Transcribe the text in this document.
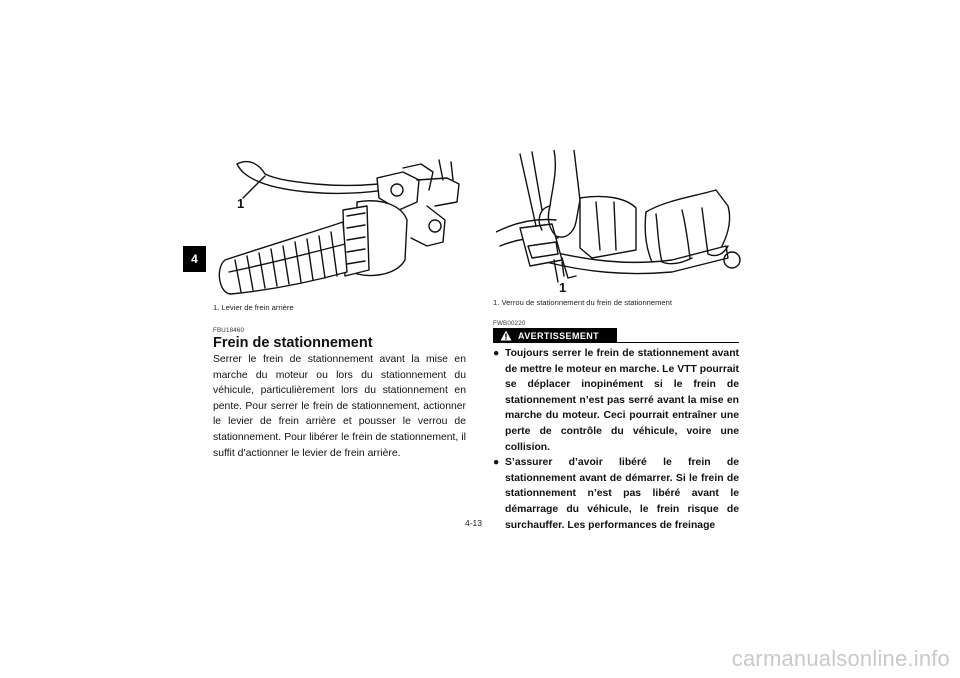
4
1
1. Levier de frein arrière
1
1. Verrou de stationnement du frein de stationnement
FBU18460
Frein de stationnement
Serrer le frein de stationnement avant la mise en marche du moteur ou lors du stationnement du véhicule, particulièrement lors du stationnement en pente. Pour serrer le frein de stationnement, actionner le levier de frein arrière et pousser le verrou de stationnement. Pour libérer le frein de stationnement, il suffit d’actionner le levier de frein arrière.
FWB00220
AVERTISSEMENT
● Toujours serrer le frein de stationnement avant de mettre le moteur en marche. Le VTT pourrait se déplacer inopinément si le frein de stationnement n’est pas serré avant la mise en marche du moteur. Ceci pourrait entraîner une perte de contrôle du véhicule, voire une collision.
● S’assurer d’avoir libéré le frein de stationnement avant de démarrer. Si le frein de stationnement n’est pas libéré avant le démarrage du véhicule, le frein risque de surchauffer. Les performances de freinage
4-13
carmanualsonline.info
